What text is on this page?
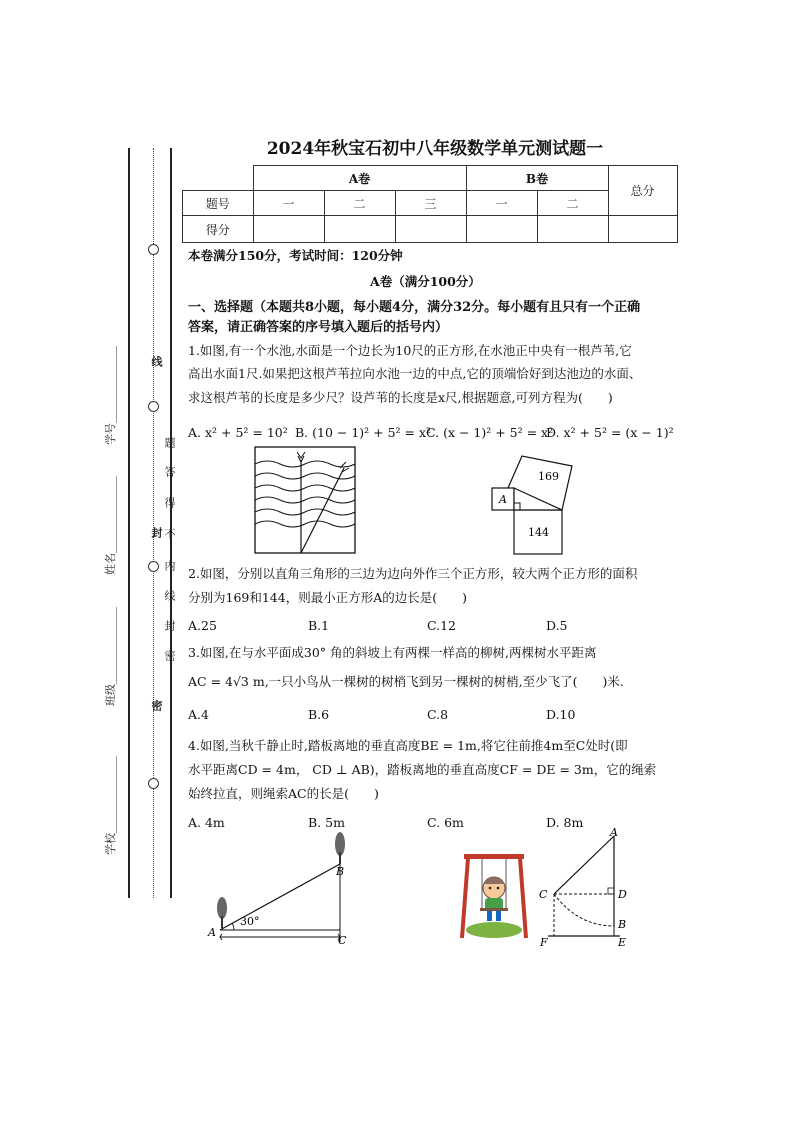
线
题
答
得
不
封
内
线
封
密
密
学号______________
姓名______________
班级______________
学校______________
2024年秋宝石初中八年级数学单元测试题一
	A卷			B卷		总分
题号	一	二	三	一	二	
得分						
本卷满分150分，考试时间：120分钟
A卷（满分100分）
一、选择题（本题共8小题，每小题4分，满分32分。每小题有且只有一个正确
答案，请正确答案的序号填入题后的括号内）
1.如图,有一个水池,水面是一个边长为10尺的正方形,在水池正中央有一根芦苇,它
高出水面1尺.如果把这根芦苇拉向水池一边的中点,它的顶端恰好到达池边的水面、
求这根芦苇的长度是多少尺？设芦苇的长度是x尺,根据题意,可列方程为(　　)
A. x² + 5² = 10² B. (10 − 1)² + 5² = x²
C. (x − 1)² + 5² = x²
D. x² + 5² = (x − 1)²
169
144
A
2.如图，分别以直角三角形的三边为边向外作三个正方形，较大两个正方形的面积
分别为169和144，则最小正方形A的边长是(　　)
A.25	B.1	C.12	D.5
3.如图,在与水平面成30° 角的斜坡上有两棵一样高的柳树,两棵树水平距离
AC = 4√3 m,一只小鸟从一棵树的树梢飞到另一棵树的树梢,至少飞了(　　)米.
A.4	B.6	C.8	D.10
4.如图,当秋千静止时,踏板离地的垂直高度BE = 1m,将它往前推4m至C处时(即
水平距离CD = 4m， CD ⊥ AB)，踏板离地的垂直高度CF = DE = 3m，它的绳索
始终拉直，则绳索AC的长是(　　)
A. 4m	B. 5m	C. 6m	D. 8m
30°
A
B
C
A
C	D
B
F	E
